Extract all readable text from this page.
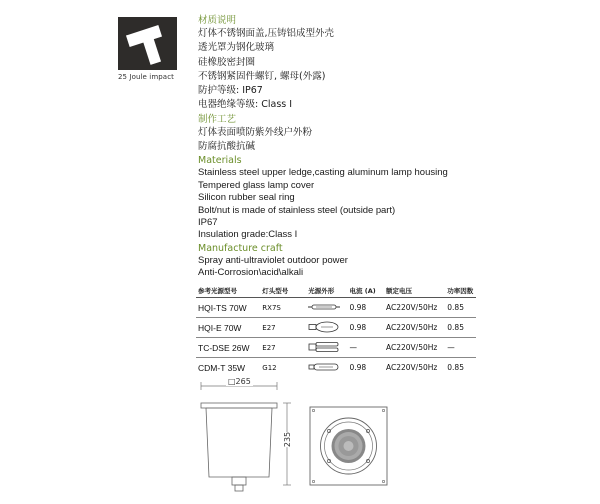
25 Joule impact
材质说明
灯体不锈钢面盖,压铸铝成型外壳
透光罩为钢化玻璃
硅橡胶密封圈
不锈钢紧固件螺钉, 螺母(外露)
防护等级: IP67
电器绝缘等级: Class I
制作工艺
灯体表面喷防紫外线户外粉
防腐抗酸抗碱
Materials
Stainless steel upper ledge,casting aluminum lamp housing
Tempered glass lamp cover
Silicon rubber seal ring
Bolt/nut is made of stainless steel (outside part)
IP67
Insulation grade:Class I
Manufacture craft
Spray anti-ultraviolet outdoor power
Anti-Corrosion\acid\alkali
参考光源型号	灯头型号	光源外形	电流 (A)	额定电压	功率因数
HQI-TS 70W	RX7S	0.98	AC220V/50Hz	0.85
HQI-E 70W	E27	0.98	AC220V/50Hz	0.85
TC-DSE 26W	E27	—	AC220V/50Hz	—
CDM-T 35W	G12	0.98	AC220V/50Hz	0.85
□265
235
